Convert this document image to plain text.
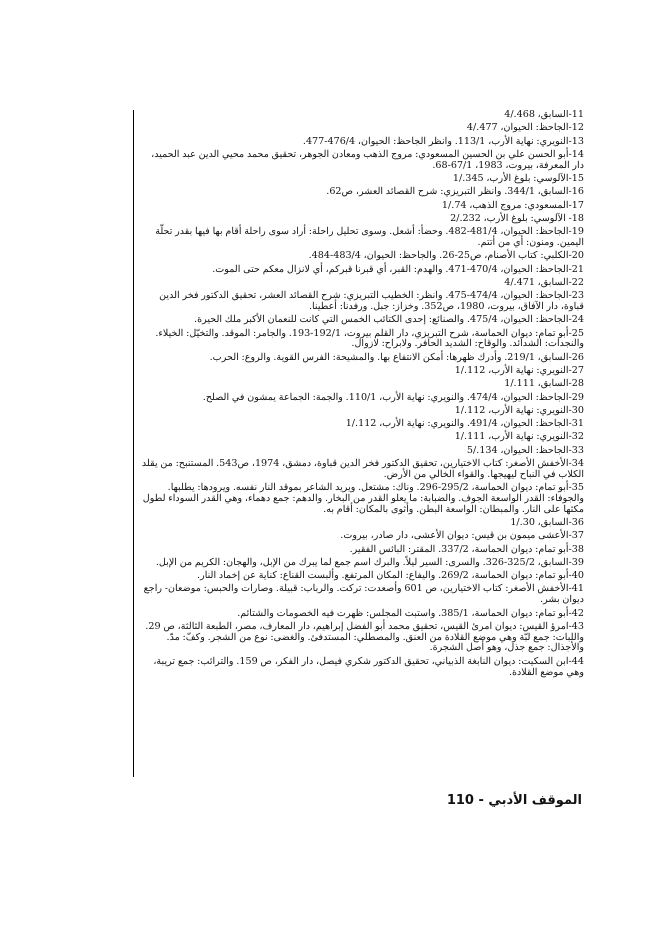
11-السابق، 468./4

12-الجاحظ: الحيوان، 477./4

13-النويري: نهاية الأرب، 113/1. وانظر الجاحظ: الحيوان، 476/4-477.

14-أبو الحسن علي بن الحسين المسعودي: مروج الذهب ومعادن الجوهر، تحقيق محمد محيي الدين عبد الحميد، دار المعرفة، بيروت، 1983، 67/1-68.

15-الآلوسي: بلوغ الأرب، 345./1

16-السابق، 344/1. وانظر التبريزي: شرح القصائد العشر، ص62.

17-المسعودي: مروج الذهب، 74./1

18- الآلوسي: بلوغ الأرب، 232./2

19-الجاحظ: الحيوان، 481/4-482. وحضأ: أشعل. وسوى تحليل راحلة: أراد سوى راحلة أقام بها فيها بقدر تحلّة اليمين. ومنون: أي من أتتم.

20-الكلبي: كتاب الأصنام، ص25-26. والجاحظ: الحيوان، 483/4-484.

21-الجاحظ: الحيوان، 470/4-471. والهدم: القبر، أي قبرنا قبركم، أي لانزال معكم حتى الموت.

22-السابق، 471./4

23-الجاحظ: الحيوان، 474/4-475. وانظر: الخطيب التبريزي: شرح القصائد العشر، تحقيق الدكتور فخر الدين قباوة، دار الآفاق، بيروت، 1980، ص352. وخزاز: جبل. ورفدنا: أعطينا.

24-الجاحظ: الحيوان، 475/4. والصنائع: إحدى الكتائب الخمس التي كانت للنعمان الأكبر ملك الحيرة.

25-أبو تمام: ديوان الحماسة، شرح التبريزي، دار القلم بيروت، 192/1-193. والجامر: الموقد. والتخيّل: الخيلاء. والنجدات: الشدائد. والوقاح: الشديد الحافر. ولابراح: لازوال.

26-السابق، 219/1. وأدرك ظهرها: أمكن الانتفاع بها. والمشيحة: الفرس القوية. والروع: الحرب.

27-النويري: نهاية الأرب، 112./1

28-السابق، 111./1

29-الجاحظ: الحيوان، 474/4. والنويري: نهاية الأرب، 110/1. والجمة: الجماعة يمشون في الصلح.

30-النويري: نهاية الأرب، 112./1

31-الجاحظ: الحيوان، 491/4. والنويري: نهاية الأرب، 112./1

32-النويري: نهاية الأرب، 111./1

33-الجاحظ: الحيوان، 134./5

34-الأخفش الأصغر: كتاب الاختيارين، تحقيق الدكتور فخر الدين قباوة، دمشق، 1974، ص543. المستنبح: من يقلد الكلاب في النباح ليهيجها. والقواء الخالي من الأرض.

35-أبو تمام: ديوان الحماسة، 295/2-296. وناك: مشتعل. ويريد الشاعر بموقد النار نفسه. ويرودها: يطلبها. والجوفاء: القدر الواسعة الجوف. والضبابة: ما يعلو القدر من البخار. والدهم: جمع دهماء، وهي القدر السوداء لطول مكثها على النار. والمبطان: الواسعة البطن. وأثوى بالمكان: أقام به.

36-السابق، 30./1

37-الأعشى ميمون بن قيس: ديوان الأعشى، دار صادر، بيروت.

38-أبو تمام: ديوان الحماسة، 337/2. المقتر: البائس الفقير.

39-السابق، 325/2-326. والسرى: السير ليلاً. والبرك اسم جمع لما يبرك من الإبل، والهجان: الكريم من الإبل.

40-أبو تمام: ديوان الحماسة، 269/2. واليفاع: المكان المرتفع. وألبست القناع: كناية عن إخماد النار.

41-الأخفش الأصغر: كتاب الاختيارين، ص 601 وأصعدت: تركت. والرباب: قبيلة. وصارات والحبس: موضعان- راجع ديوان بشر.

42-أبو تمام: ديوان الحماسة، 385/1. واستبت المجلس: ظهرت فيه الخصومات والشتائم.

43-امرؤ القيس: ديوان امرئ القيس، تحقيق محمد أبو الفضل إبراهيم، دار المعارف، مصر، الطبعة الثالثة، ص 29. واللبات: جمع لبّة وهي موضع القلادة من العنق. والمصطلي: المستدفئ. والغضى: نوع من الشجر. وكفّ: مدّ. والأجذال: جمع جذل، وهو أصل الشجرة.

44-ابن السكيت: ديوان النابغة الذبياني، تحقيق الدكتور شكري فيصل، دار الفكر، ص 159. والترائب: جمع تريبة، وهي موضع القلادة.

الموقف الأدبي - 110
